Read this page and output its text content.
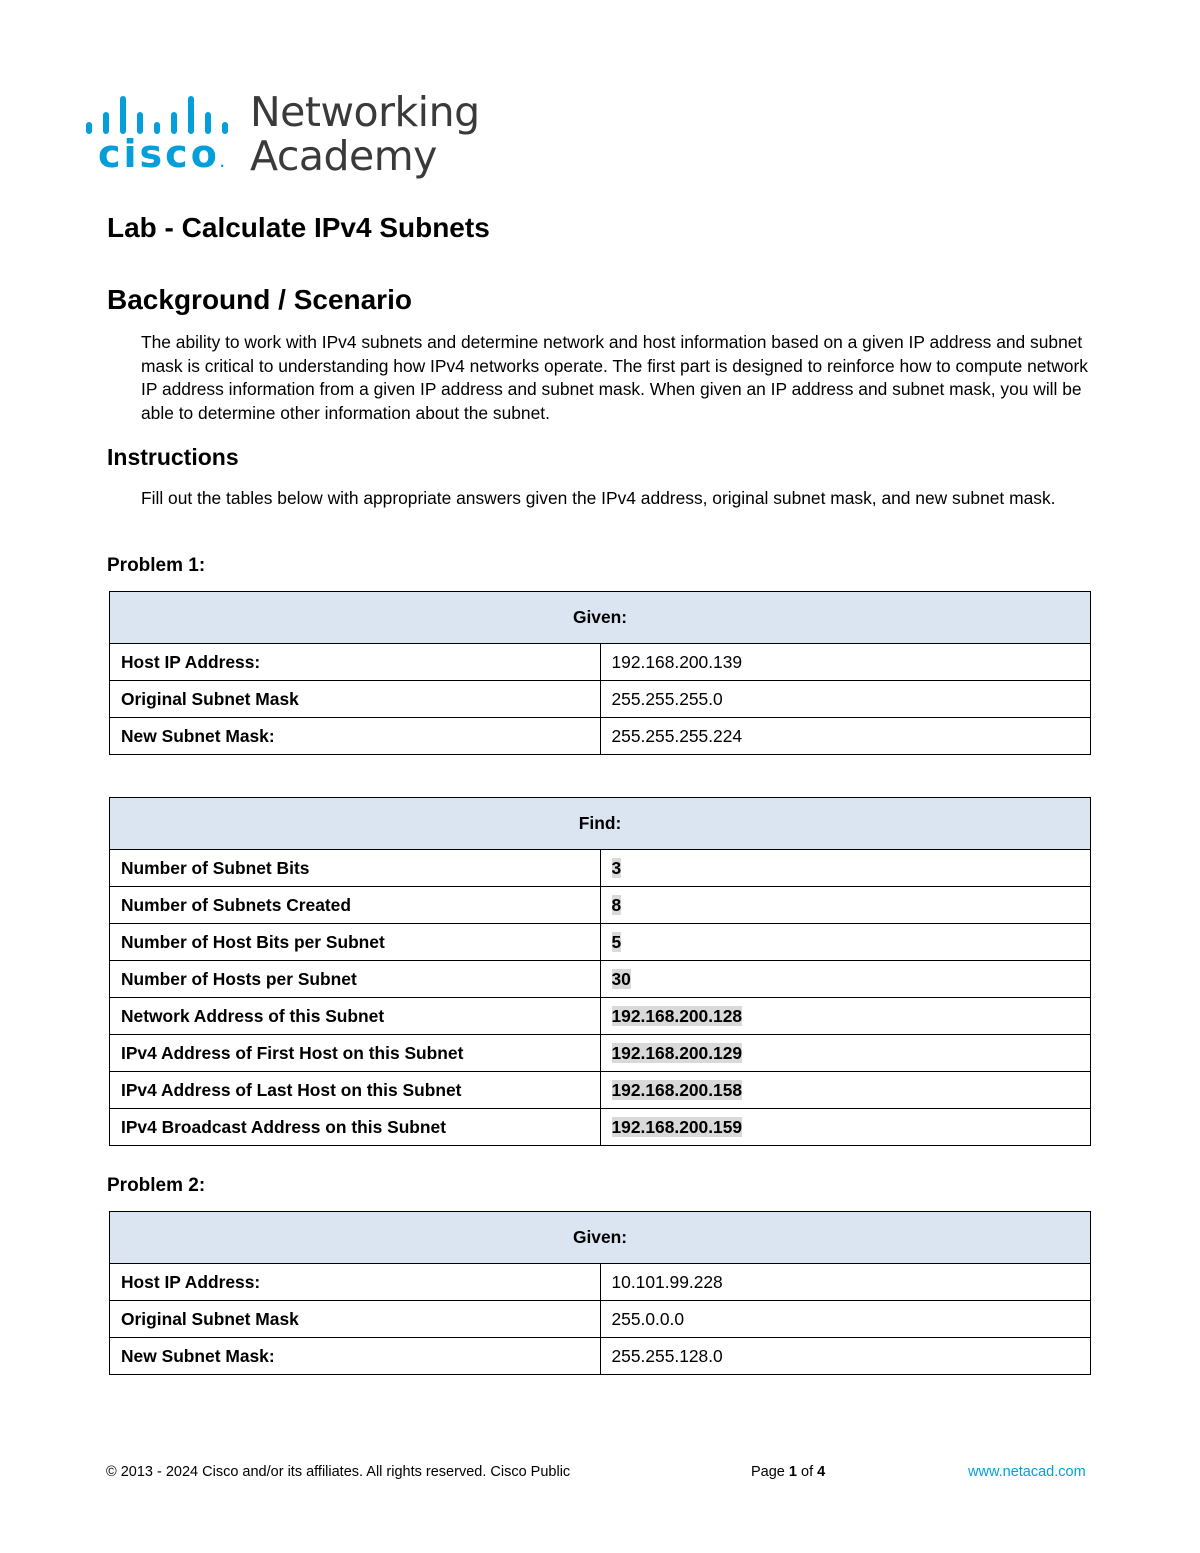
cisco.
Networking
Academy
Lab - Calculate IPv4 Subnets
Background / Scenario

The ability to work with IPv4 subnets and determine network and host information based on a given IP address and subnet mask is critical to understanding how IPv4 networks operate. The first part is designed to reinforce how to compute network IP address information from a given IP address and subnet mask. When given an IP address and subnet mask, you will be able to determine other information about the subnet.

Instructions

Fill out the tables below with appropriate answers given the IPv4 address, original subnet mask, and new subnet mask.

Problem 1:

Given:	
Host IP Address:	192.168.200.139
Original Subnet Mask	255.255.255.0
New Subnet Mask:	255.255.255.224
Find:	
Number of Subnet Bits	3
Number of Subnets Created	8
Number of Host Bits per Subnet	5
Number of Hosts per Subnet	30
Network Address of this Subnet	192.168.200.128
IPv4 Address of First Host on this Subnet	192.168.200.129
IPv4 Address of Last Host on this Subnet	192.168.200.158
IPv4 Broadcast Address on this Subnet	192.168.200.159

Problem 2:

Given:	
Host IP Address:	10.101.99.228
Original Subnet Mask	255.0.0.0
New Subnet Mask:	255.255.128.0
© 2013 - 2024 Cisco and/or its affiliates. All rights reserved. Cisco Public	Page 1 of 4	www.netacad.com
